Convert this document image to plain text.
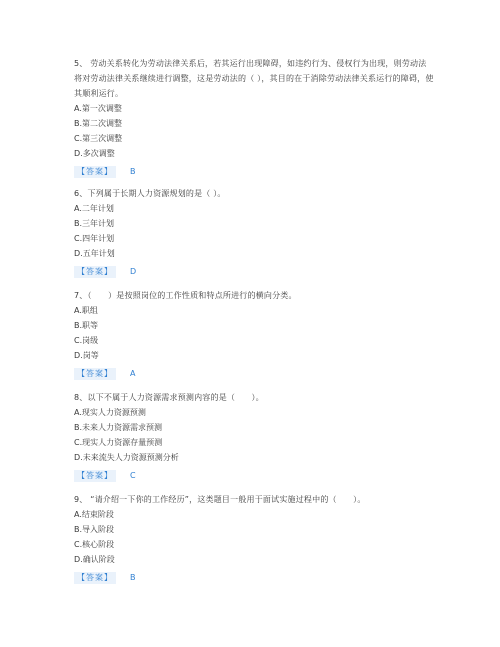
5、 劳动关系转化为劳动法律关系后，若其运行出现障碍，如违约行为、侵权行为出现，则劳动法将对劳动法律关系继续进行调整，这是劳动法的（ ），其目的在于消除劳动法律关系运行的障碍，使其顺利运行。

A.第一次调整

B.第二次调整

C.第三次调整

D.多次调整

【答案】	B

6、下列属于长期人力资源规划的是（ ）。

A.二年计划

B.三年计划

C.四年计划

D.五年计划

【答案】	D

7、（　　）是按照岗位的工作性质和特点所进行的横向分类。

A.职组

B.职等

C.岗级

D.岗等

【答案】	A

8、以下不属于人力资源需求预测内容的是（　　）。

A.现实人力资源预测

B.未来人力资源需求预测

C.现实人力资源存量预测

D.未来流失人力资源预测分析

【答案】	C

9、 “请介绍一下你的工作经历”，这类题目一般用于面试实施过程中的（　　）。

A.结束阶段

B.导入阶段

C.核心阶段

D.确认阶段

【答案】	B
